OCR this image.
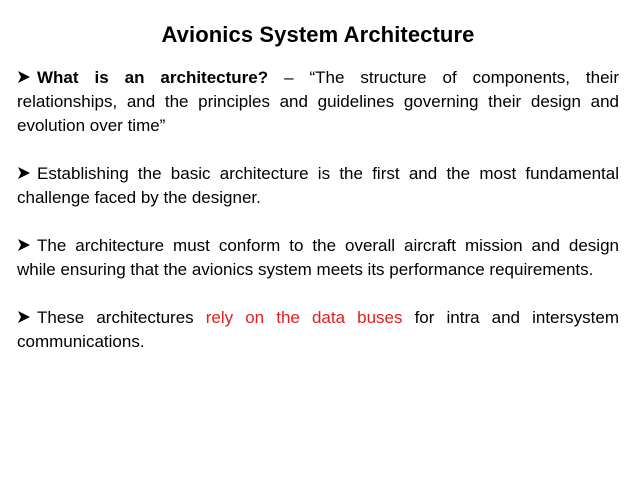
Avionics System Architecture

What is an architecture? – “The structure of components, their relationships, and the principles and guidelines governing their design and evolution over time”

Establishing the basic architecture is the first and the most fundamental challenge faced by the designer.

The architecture must conform to the overall aircraft mission and design while ensuring that the avionics system meets its performance requirements.

These architectures rely on the data buses for intra and intersystem communications.
